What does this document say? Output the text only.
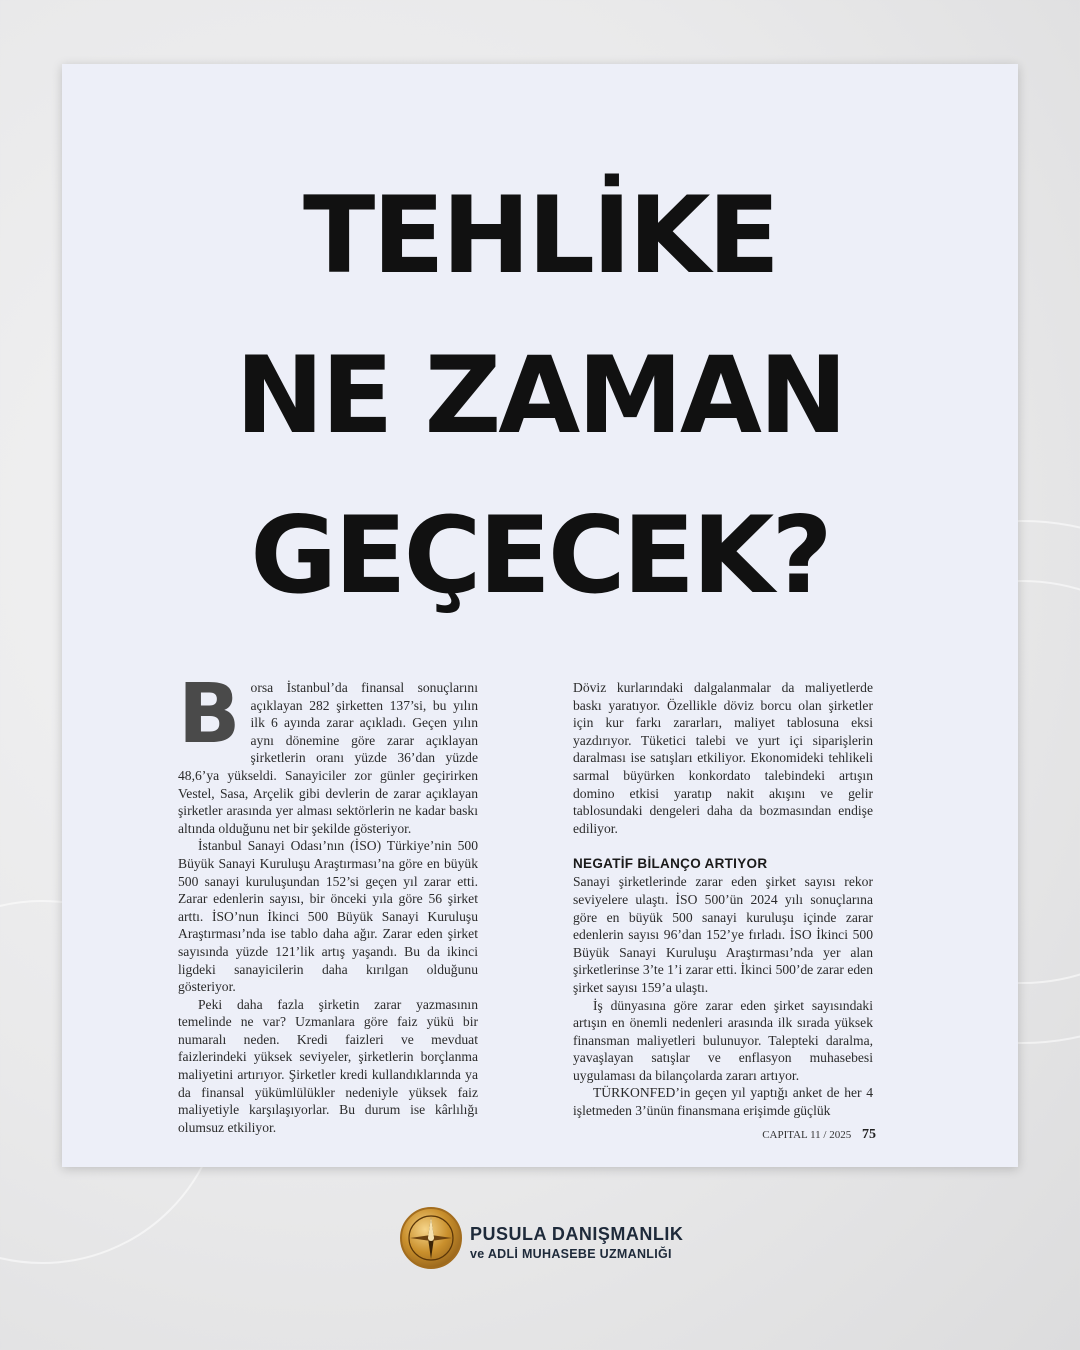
TEHLİKE
NE ZAMAN
GEÇECEK?

Borsa İstanbul’da finansal sonuçlarını açıklayan 282 şirketten 137’si, bu yılın ilk 6 ayında zarar açıkladı. Geçen yılın aynı dönemine göre zarar açıklayan şirketlerin oranı yüzde 36’dan yüzde 48,6’ya yükseldi. Sanayiciler zor günler geçirirken Vestel, Sasa, Arçelik gibi devlerin de zarar açıklayan şirketler arasında yer alması sektörlerin ne kadar baskı altında olduğunu net bir şekilde gösteriyor.

İstanbul Sanayi Odası’nın (İSO) Türkiye’nin 500 Büyük Sanayi Kuruluşu Araştırması’na göre en büyük 500 sanayi kuruluşundan 152’si geçen yıl zarar etti. Zarar edenlerin sayısı, bir önceki yıla göre 56 şirket arttı. İSO’nun İkinci 500 Büyük Sanayi Kuruluşu Araştırması’nda ise tablo daha ağır. Zarar eden şirket sayısında yüzde 121’lik artış yaşandı. Bu da ikinci ligdeki sanayicilerin daha kırılgan olduğunu gösteriyor.

Peki daha fazla şirketin zarar yazmasının temelinde ne var? Uzmanlara göre faiz yükü bir numaralı neden. Kredi faizleri ve mevduat faizlerindeki yüksek seviyeler, şirketlerin borçlanma maliyetini artırıyor. Şirketler kredi kullandıklarında ya da finansal yükümlülükler nedeniyle yüksek faiz maliyetiyle karşılaşıyorlar. Bu durum ise kârlılığı olumsuz etkiliyor.

Döviz kurlarındaki dalgalanmalar da maliyetlerde baskı yaratıyor. Özellikle döviz borcu olan şirketler için kur farkı zararları, maliyet tablosuna eksi yazdırıyor. Tüketici talebi ve yurt içi siparişlerin daralması ise satışları etkiliyor. Ekonomideki tehlikeli sarmal büyürken konkordato talebindeki artışın domino etkisi yaratıp nakit akışını ve gelir tablosundaki dengeleri daha da bozmasından endişe ediliyor.

NEGATİF BİLANÇO ARTIYOR

Sanayi şirketlerinde zarar eden şirket sayısı rekor seviyelere ulaştı. İSO 500’ün 2024 yılı sonuçlarına göre en büyük 500 sanayi kuruluşu içinde zarar edenlerin sayısı 96’dan 152’ye fırladı. İSO İkinci 500 Büyük Sanayi Kuruluşu Araştırması’nda yer alan şirketlerinse 3’te 1’i zarar etti. İkinci 500’de zarar eden şirket sayısı 159’a ulaştı.

İş dünyasına göre zarar eden şirket sayısındaki artışın en önemli nedenleri arasında ilk sırada yüksek finansman maliyetleri bulunuyor. Talepteki daralma, yavaşlayan satışlar ve enflasyon muhasebesi uygulaması da bilançolarda zararı artıyor.

TÜRKONFED’in geçen yıl yaptığı anket de her 4 işletmeden 3’ünün finansmana erişimde güçlük

CAPITAL 11 / 2025 75
PUSULA DANIŞMANLIK
ve ADLİ MUHASEBE UZMANLIĞI
